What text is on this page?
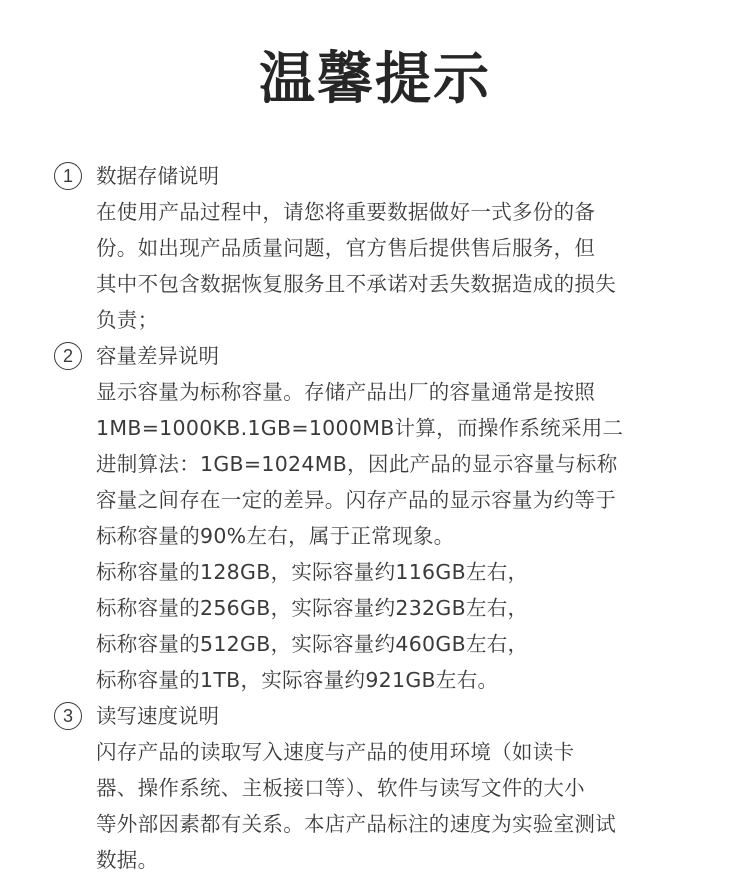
温馨提示
1	数据存储说明
在使用产品过程中，请您将重要数据做好一式多份的备
份。如出现产品质量问题，官方售后提供售后服务，但
其中不包含数据恢复服务且不承诺对丢失数据造成的损失
负责；
2	容量差异说明
显示容量为标称容量。存储产品出厂的容量通常是按照
1MB=1000KB.1GB=1000MB计算，而操作系统采用二
进制算法：1GB=1024MB，因此产品的显示容量与标称
容量之间存在一定的差异。闪存产品的显示容量为约等于
标称容量的90%左右，属于正常现象。
标称容量的128GB，实际容量约116GB左右，
标称容量的256GB，实际容量约232GB左右，
标称容量的512GB，实际容量约460GB左右，
标称容量的1TB，实际容量约921GB左右。
3	读写速度说明
闪存产品的读取写入速度与产品的使用环境（如读卡
器、操作系统、主板接口等）、软件与读写文件的大小
等外部因素都有关系。本店产品标注的速度为实验室测试
数据。
